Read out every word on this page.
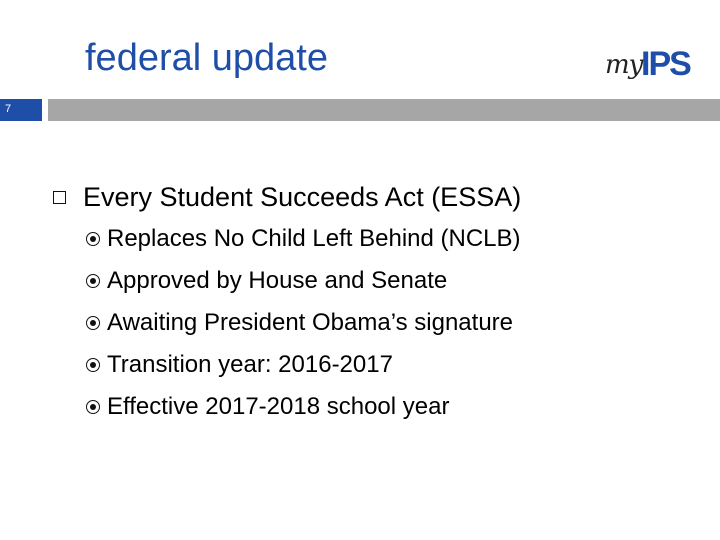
federal update	my
IPS
7
Every Student Succeeds Act (ESSA)
Replaces No Child Left Behind (NCLB)
Approved by House and Senate
Awaiting President Obama’s signature
Transition year: 2016-2017
Effective 2017-2018 school year
